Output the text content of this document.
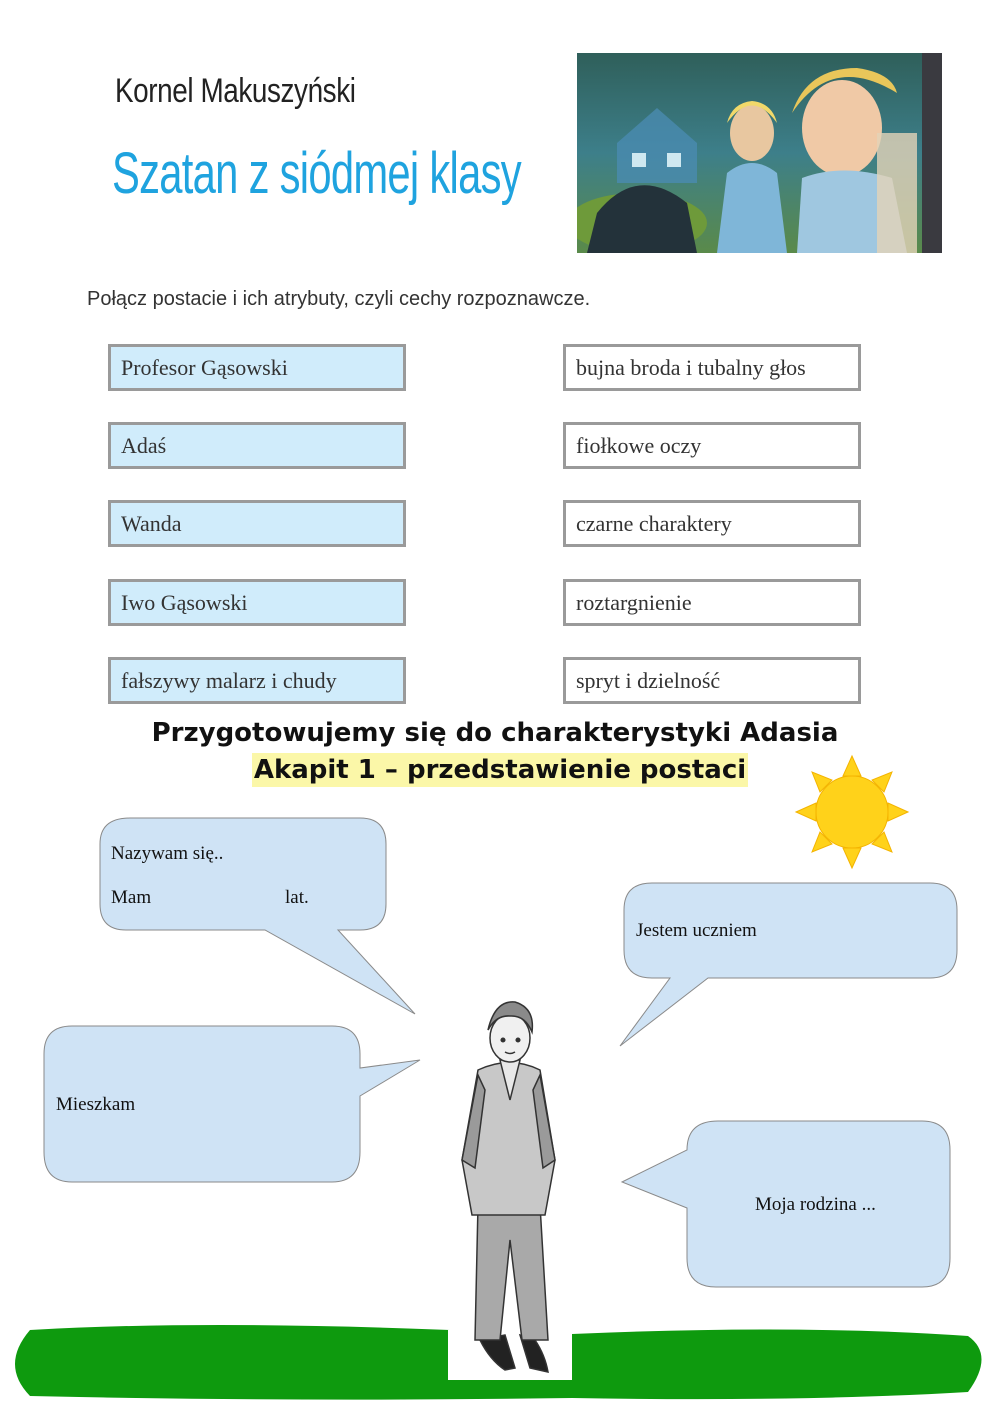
Kornel Makuszyński
Szatan z siódmej klasy
Połącz postacie i ich atrybuty, czyli cechy rozpoznawcze.
Profesor Gąsowski
Adaś
Wanda
Iwo Gąsowski
fałszywy malarz i chudy
bujna broda i tubalny głos
fiołkowe oczy
czarne charaktery
roztargnienie
spryt i dzielność
Przygotowujemy się do charakterystyki Adasia
Akapit 1 – przedstawienie postaci
Nazywam się..
Mam	lat.
Jestem uczniem
Mieszkam
Moja rodzina ...
